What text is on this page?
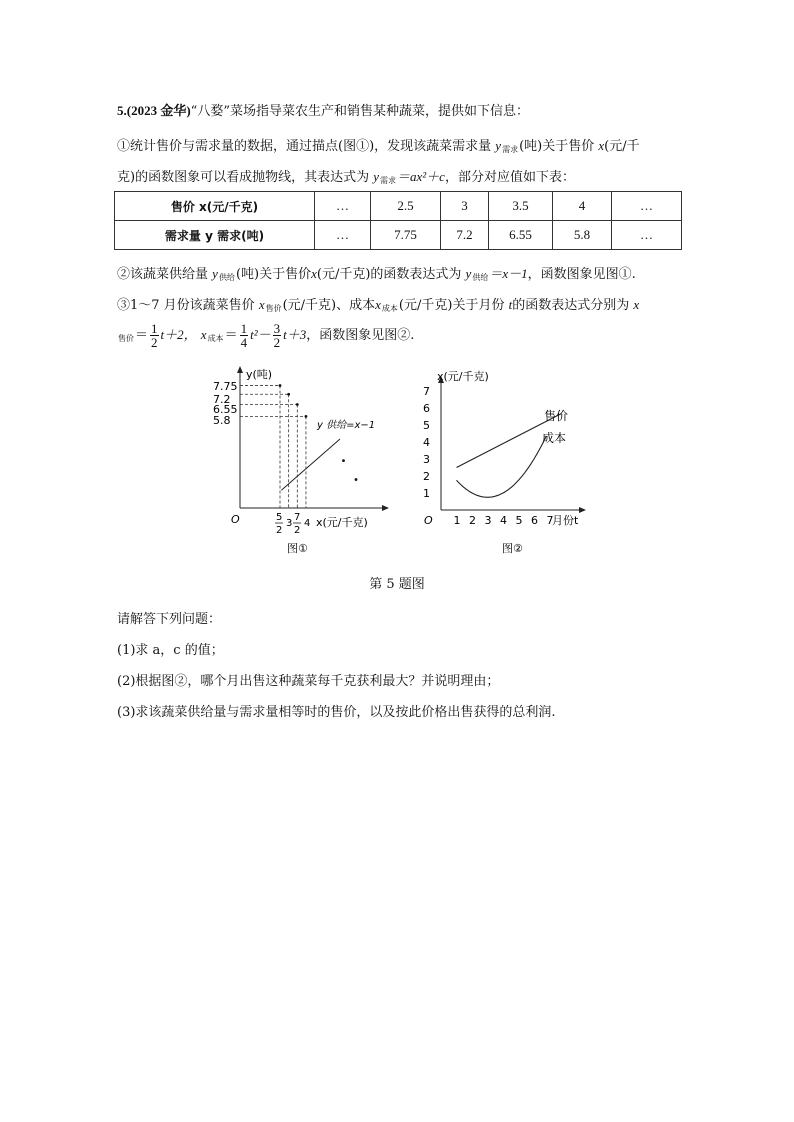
5.(2023 金华)“八婺”菜场指导菜农生产和销售某种蔬菜，提供如下信息：
①统计售价与需求量的数据，通过描点(图①)，发现该蔬菜需求量 $y_{需求}$(吨)关于售价 x(元/千
克)的函数图象可以看成抛物线，其表达式为 $y_{需求}=ax^2+c$，部分对应值如下表：
售价 x(元/千克)	…	2.5	3	3.5	4	…
需求量 y 需求(吨)	…	7.75	7.2	6.55	5.8	…
②该蔬菜供给量 $y_{供给}$(吨)关于售价x(元/千克)的函数表达式为 $y_{供给}=x-1$，函数图象见图①.
③1～7 月份该蔬菜售价 $x_{售价}$(元/千克)、成本$x_{成本}$(元/千克)关于月份 t的函数表达式分别为 x
$_{售价}= \frac{1}{2} t+2$， $x_{成本}= \frac{1}{4} t^2- \frac{3}{2} t+3$，函数图象见图②.
y(吨)
7.75
7.2
6.55
5.8
O
y 供给=x−1
5
2
3
7
2
4 x(元/千克)
图①
1
2
3
4
5
6
7
1 2 3 4 5 6 7
x(元/千克)
O	月份t
售价
成本
图②
第 5 题图
请解答下列问题：
(1)求 a，c 的值；
(2)根据图②，哪个月出售这种蔬菜每千克获利最大？并说明理由；
(3)求该蔬菜供给量与需求量相等时的售价，以及按此价格出售获得的总利润.
